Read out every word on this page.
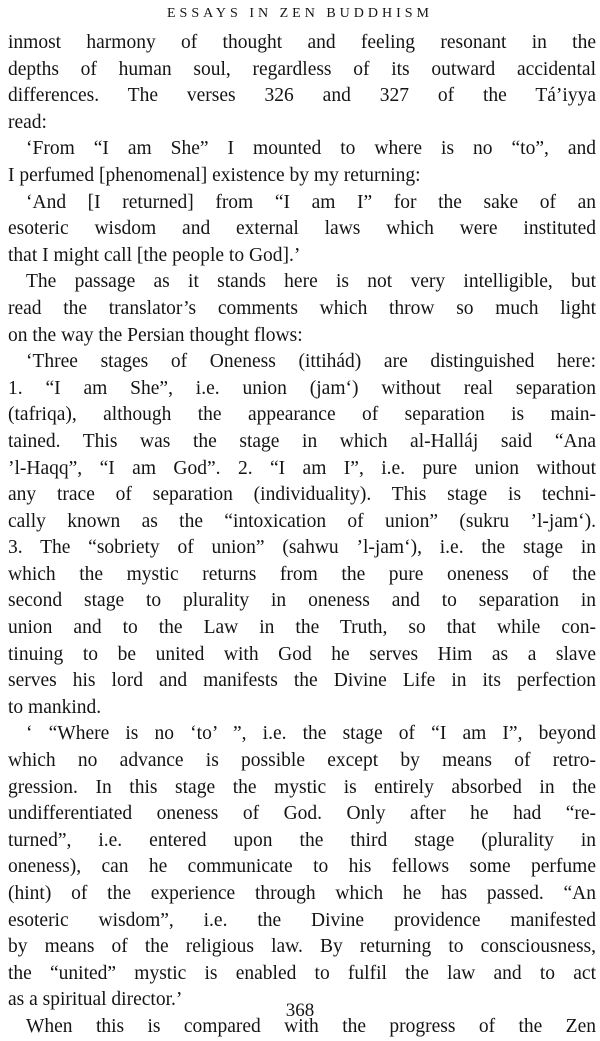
ESSAYS IN ZEN BUDDHISM
inmost harmony of thought and feeling resonant in the
depths of human soul, regardless of its outward accidental
differences. The verses 326 and 327 of the Tá’iyya
read:
‘From “I am She” I mounted to where is no “to”, and
I perfumed [phenomenal] existence by my returning:
‘And [I returned] from “I am I” for the sake of an
esoteric wisdom and external laws which were instituted
that I might call [the people to God].’
The passage as it stands here is not very intelligible, but
read the translator’s comments which throw so much light
on the way the Persian thought flows:
‘Three stages of Oneness (ittihád) are distinguished here:
1. “I am She”, i.e. union (jam‘) without real separation
(tafriqa), although the appearance of separation is main-
tained. This was the stage in which al-Halláj said “Ana
’l-Haqq”, “I am God”. 2. “I am I”, i.e. pure union without
any trace of separation (individuality). This stage is techni-
cally known as the “intoxication of union” (sukru ’l-jam‘).
3. The “sobriety of union” (sahwu ’l-jam‘), i.e. the stage in
which the mystic returns from the pure oneness of the
second stage to plurality in oneness and to separation in
union and to the Law in the Truth, so that while con-
tinuing to be united with God he serves Him as a slave
serves his lord and manifests the Divine Life in its perfection
to mankind.
‘ “Where is no ‘to’ ”, i.e. the stage of “I am I”, beyond
which no advance is possible except by means of retro-
gression. In this stage the mystic is entirely absorbed in the
undifferentiated oneness of God. Only after he had “re-
turned”, i.e. entered upon the third stage (plurality in
oneness), can he communicate to his fellows some perfume
(hint) of the experience through which he has passed. “An
esoteric wisdom”, i.e. the Divine providence manifested
by means of the religious law. By returning to consciousness,
the “united” mystic is enabled to fulfil the law and to act
as a spiritual director.’
When this is compared with the progress of the Zen
368
